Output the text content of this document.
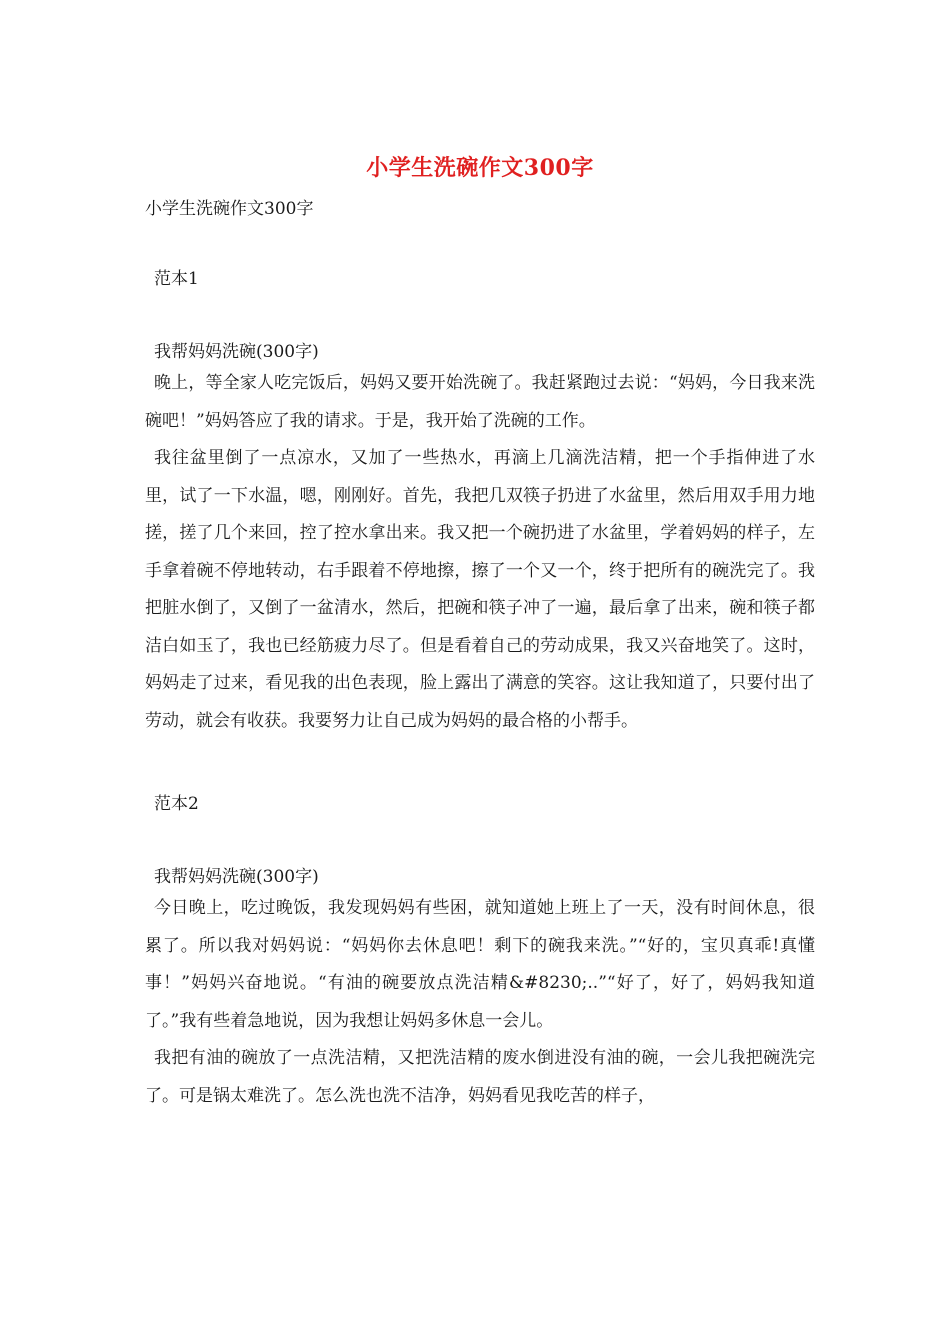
小学生洗碗作文300字

小学生洗碗作文300字

范本1

我帮妈妈洗碗(300字)

晚上，等全家人吃完饭后，妈妈又要开始洗碗了。我赶紧跑过去说：“妈妈，今日我来洗碗吧！”妈妈答应了我的请求。于是，我开始了洗碗的工作。

我往盆里倒了一点凉水，又加了一些热水，再滴上几滴洗洁精，把一个手指伸进了水里，试了一下水温，嗯，刚刚好。首先，我把几双筷子扔进了水盆里，然后用双手用力地搓，搓了几个来回，控了控水拿出来。我又把一个碗扔进了水盆里，学着妈妈的样子，左手拿着碗不停地转动，右手跟着不停地擦，擦了一个又一个，终于把所有的碗洗完了。我把脏水倒了，又倒了一盆清水，然后，把碗和筷子冲了一遍，最后拿了出来，碗和筷子都洁白如玉了，我也已经筋疲力尽了。但是看着自己的劳动成果，我又兴奋地笑了。这时，妈妈走了过来，看见我的出色表现，脸上露出了满意的笑容。这让我知道了，只要付出了劳动，就会有收获。我要努力让自己成为妈妈的最合格的小帮手。

范本2

我帮妈妈洗碗(300字)

今日晚上，吃过晚饭，我发现妈妈有些困，就知道她上班上了一天，没有时间休息，很累了。所以我对妈妈说：“妈妈你去休息吧！剩下的碗我来洗。”“好的，宝贝真乖!真懂事！”妈妈兴奋地说。“有油的碗要放点洗洁精&#8230;..”“好了，好了，妈妈我知道了。”我有些着急地说，因为我想让妈妈多休息一会儿。

我把有油的碗放了一点洗洁精，又把洗洁精的废水倒进没有油的碗，一会儿我把碗洗完了。可是锅太难洗了。怎么洗也洗不洁净，妈妈看见我吃苦的样子，
